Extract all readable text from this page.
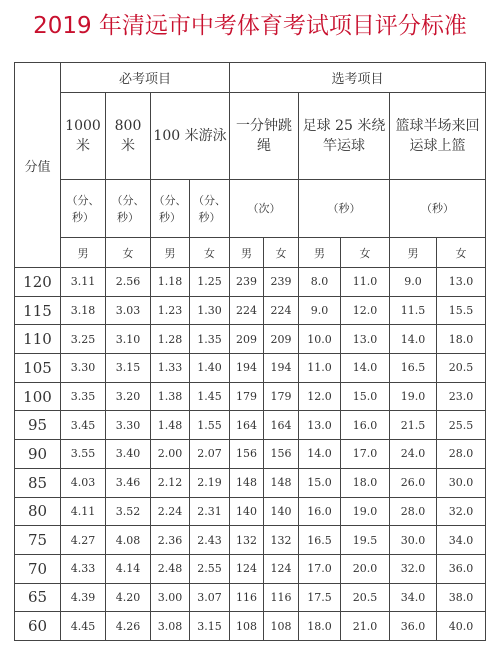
2019 年清远市中考体育考试项目评分标准
分值	必考项目				选考项目					
	1000 米	800 米	100 米游泳		一分钟跳绳		足球 25 米绕竿运球		篮球半场来回运球上篮	
	（分、秒）	（分、秒）	（分、秒）	（分、秒）	（次）		（秒）		（秒）	
	男	女	男	女	男	女	男	女	男	女
120	3.11	2.56	1.18	1.25	239	239	8.0	11.0	9.0	13.0
115	3.18	3.03	1.23	1.30	224	224	9.0	12.0	11.5	15.5
110	3.25	3.10	1.28	1.35	209	209	10.0	13.0	14.0	18.0
105	3.30	3.15	1.33	1.40	194	194	11.0	14.0	16.5	20.5
100	3.35	3.20	1.38	1.45	179	179	12.0	15.0	19.0	23.0
95	3.45	3.30	1.48	1.55	164	164	13.0	16.0	21.5	25.5
90	3.55	3.40	2.00	2.07	156	156	14.0	17.0	24.0	28.0
85	4.03	3.46	2.12	2.19	148	148	15.0	18.0	26.0	30.0
80	4.11	3.52	2.24	2.31	140	140	16.0	19.0	28.0	32.0
75	4.27	4.08	2.36	2.43	132	132	16.5	19.5	30.0	34.0
70	4.33	4.14	2.48	2.55	124	124	17.0	20.0	32.0	36.0
65	4.39	4.20	3.00	3.07	116	116	17.5	20.5	34.0	38.0
60	4.45	4.26	3.08	3.15	108	108	18.0	21.0	36.0	40.0
